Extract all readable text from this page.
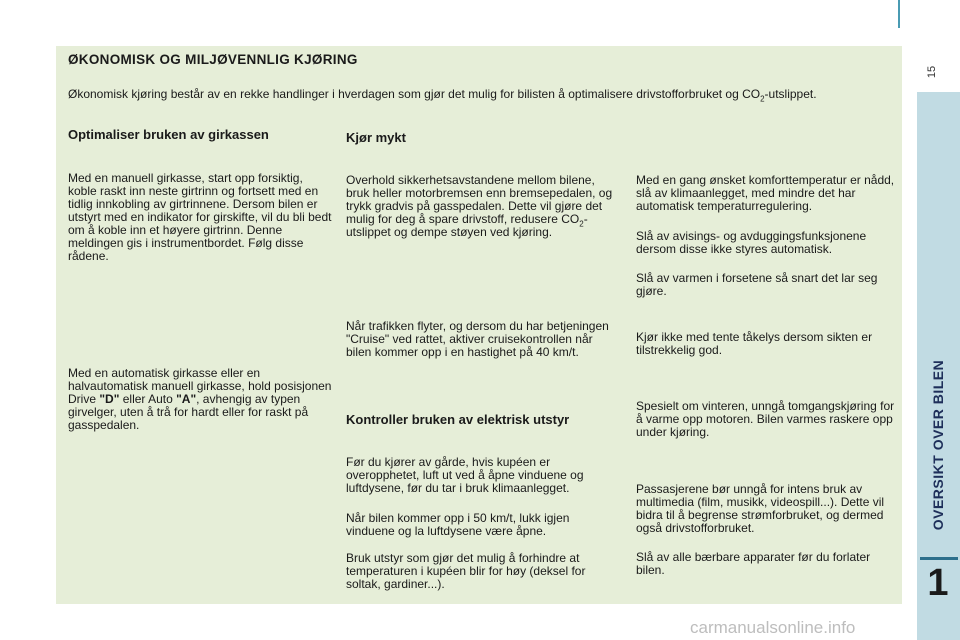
15
OVERSIKT OVER BILEN
1
ØKONOMISK OG MILJØVENNLIG KJØRING

Økonomisk kjøring består av en rekke handlinger i hverdagen som gjør det mulig for bilisten å optimalisere drivstofforbruket og $CO_2$-utslippet.

Optimaliser bruken av girkassen

Med en manuell girkasse, start opp forsiktig, koble raskt inn neste girtrinn og fortsett med en tidlig innkobling av girtrinnene. Dersom bilen er utstyrt med en indikator for girskifte, vil du bli bedt om å koble inn et høyere girtrinn. Denne meldingen gis i instrumentbordet. Følg disse rådene.

Med en automatisk girkasse eller en halvautomatisk manuell girkasse, hold posisjonen Drive "D" eller Auto "A", avhengig av typen girvelger, uten å trå for hardt eller for raskt på gasspedalen.

Kjør mykt

Overhold sikkerhetsavstandene mellom bilene, bruk heller motorbremsen enn bremsepedalen, og trykk gradvis på gasspedalen. Dette vil gjøre det mulig for deg å spare drivstoff, redusere $CO_2$-utslippet og dempe støyen ved kjøring.

Når trafikken flyter, og dersom du har betjeningen "Cruise" ved rattet, aktiver cruisekontrollen når bilen kommer opp i en hastighet på 40 km/t.

Kontroller bruken av elektrisk utstyr

Før du kjører av gårde, hvis kupéen er overopphetet, luft ut ved å åpne vinduene og luftdysene, før du tar i bruk klimaanlegget.

Når bilen kommer opp i 50 km/t, lukk igjen vinduene og la luftdysene være åpne.

Bruk utstyr som gjør det mulig å forhindre at temperaturen i kupéen blir for høy (deksel for soltak, gardiner...).

Med en gang ønsket komforttemperatur er nådd, slå av klimaanlegget, med mindre det har automatisk temperaturregulering.

Slå av avisings- og avduggingsfunksjonene dersom disse ikke styres automatisk.

Slå av varmen i forsetene så snart det lar seg gjøre.

Kjør ikke med tente tåkelys dersom sikten er tilstrekkelig god.

Spesielt om vinteren, unngå tomgangskjøring for å varme opp motoren. Bilen varmes raskere opp under kjøring.

Passasjerene bør unngå for intens bruk av multimedia (film, musikk, videospill...). Dette vil bidra til å begrense strømforbruket, og dermed også drivstofforbruket.

Slå av alle bærbare apparater før du forlater bilen.

carmanualsonline.info
